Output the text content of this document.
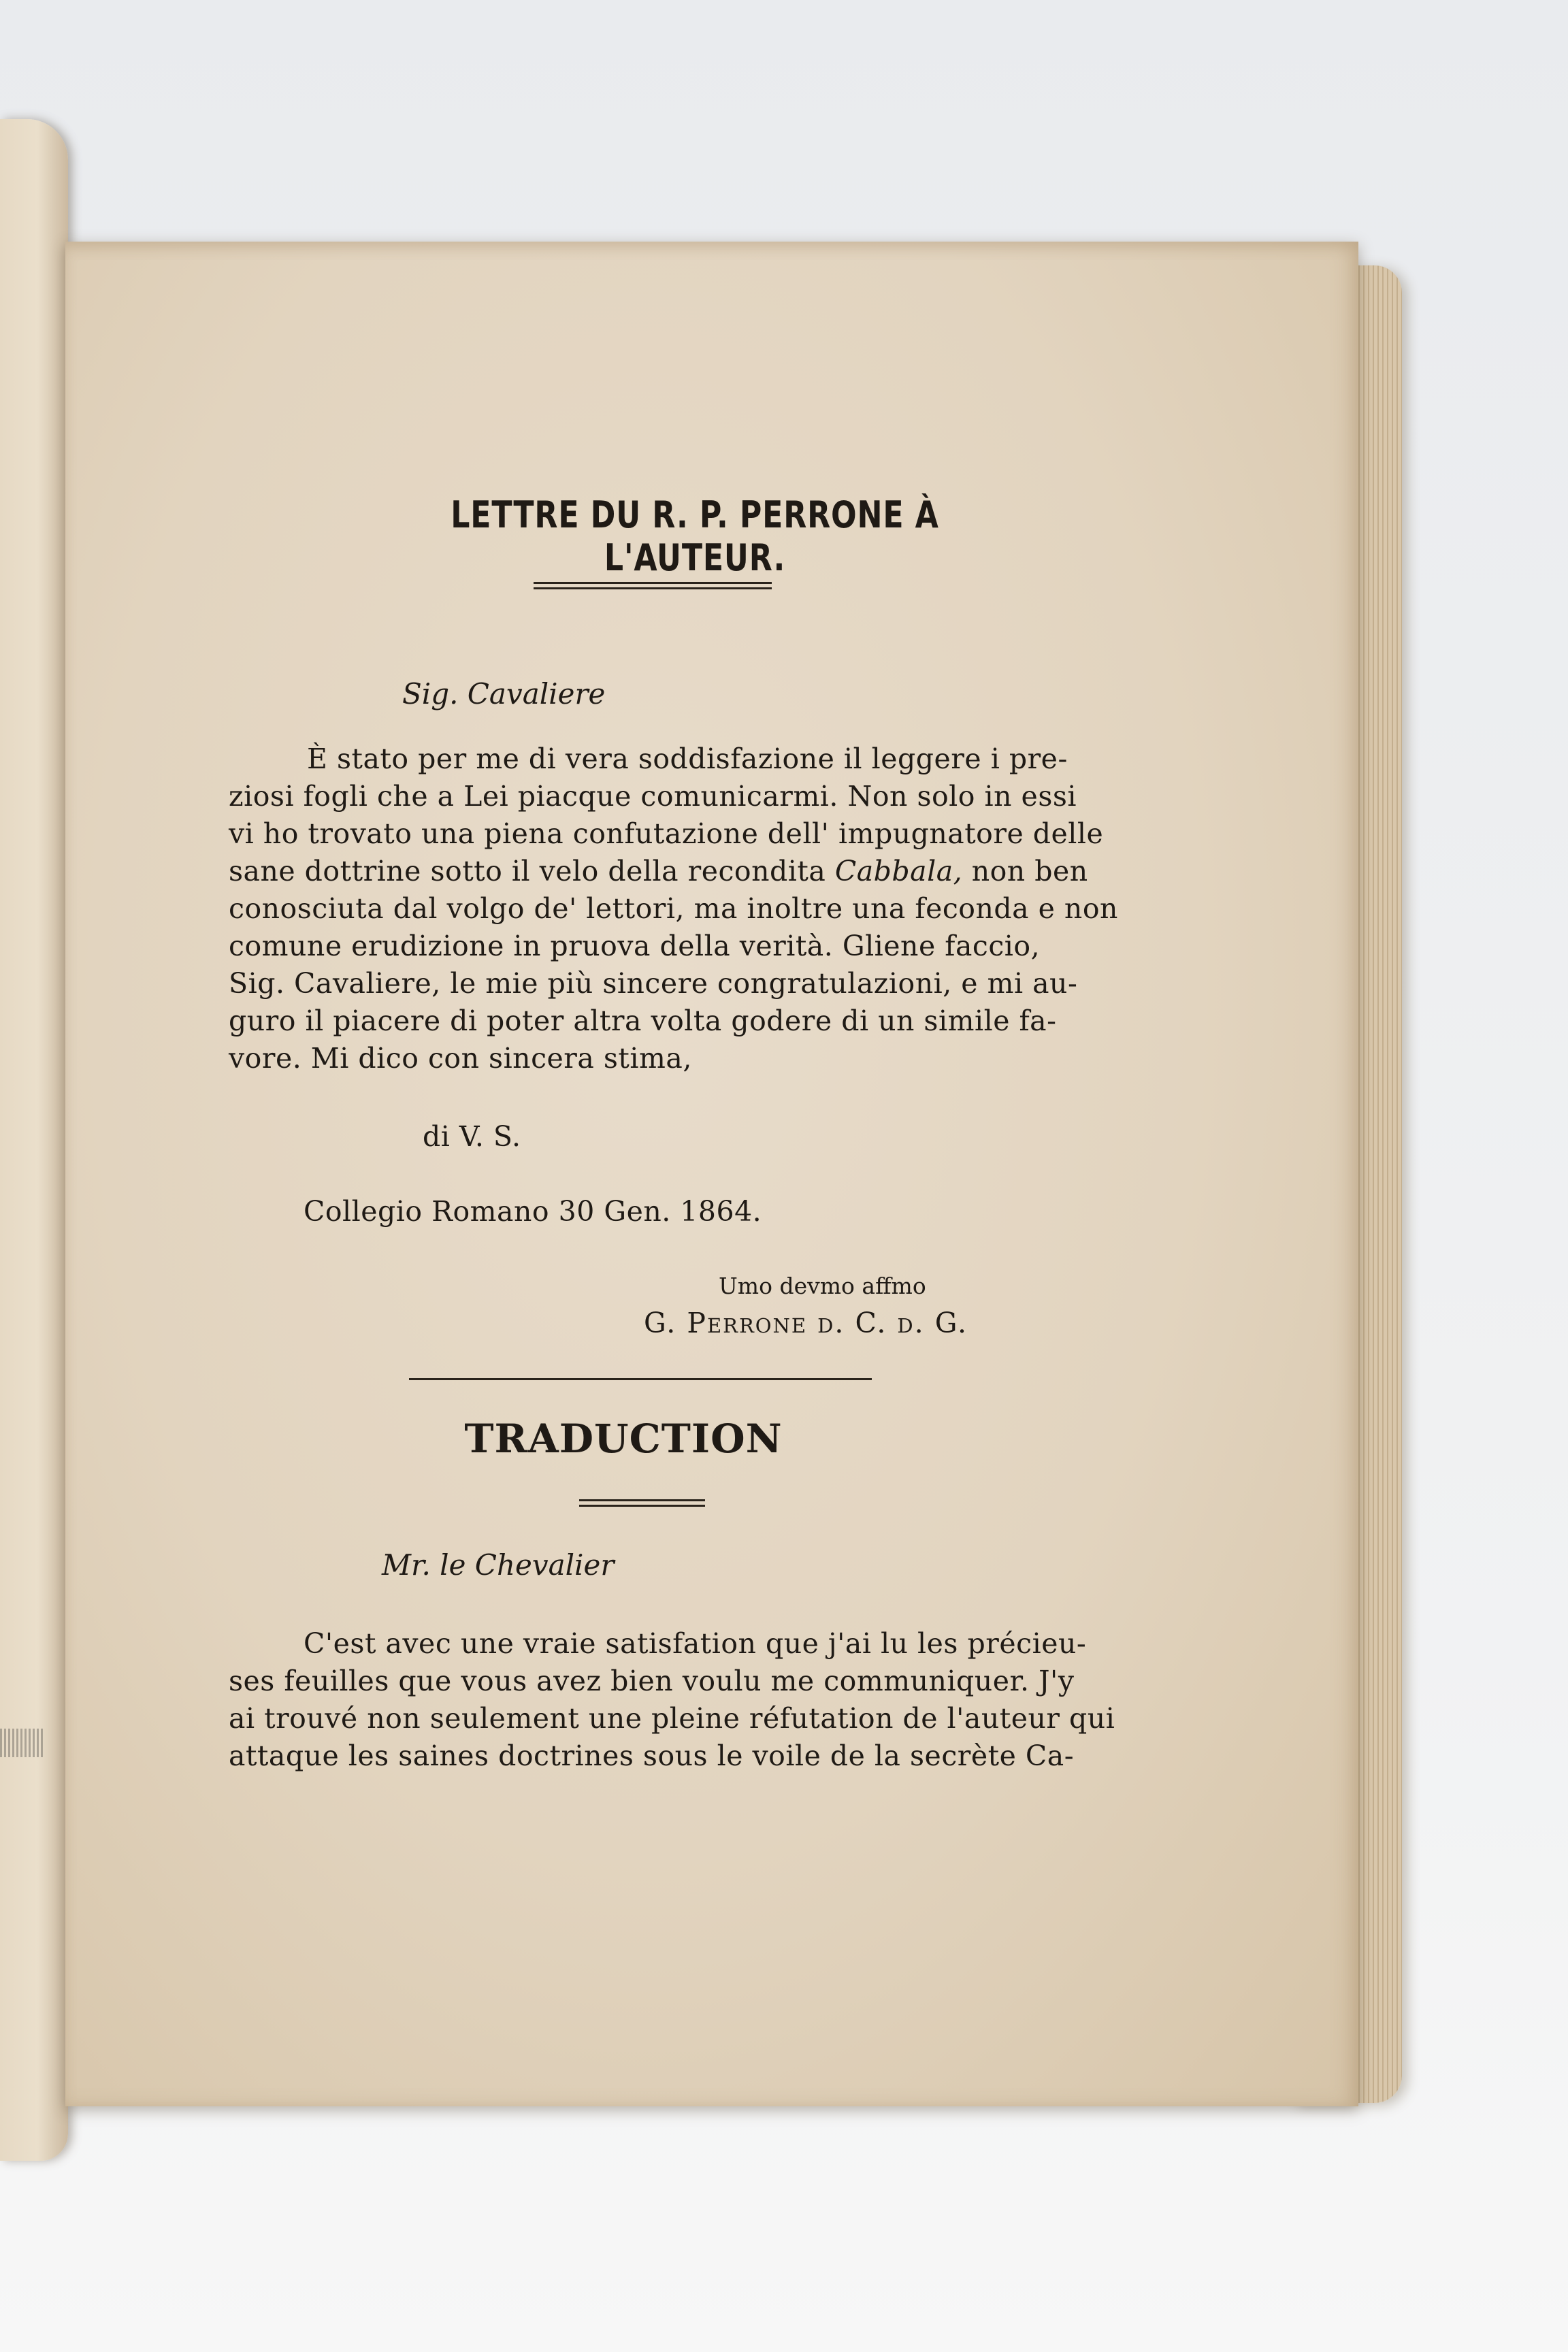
LETTRE DU R. P. PERRONE À L'AUTEUR.
Sig. Cavaliere
È stato per me di vera soddisfazione il leggere i pre-
ziosi fogli che a Lei piacque comunicarmi. Non solo in essi
vi ho trovato una piena confutazione dell' impugnatore delle
sane dottrine sotto il velo della recondita Cabbala, non ben
conosciuta dal volgo de' lettori, ma inoltre una feconda e non
comune erudizione in pruova della verità. Gliene faccio,
Sig. Cavaliere, le mie più sincere congratulazioni, e mi au-
guro il piacere di poter altra volta godere di un simile fa-
vore. Mi dico con sincera stima,
di V. S.
Collegio Romano 30 Gen. 1864.
Umo devmo affmo
G. Perrone d. C. d. G.
TRADUCTION
Mr. le Chevalier
C'est avec une vraie satisfation que j'ai lu les précieu-
ses feuilles que vous avez bien voulu me communiquer. J'y
ai trouvé non seulement une pleine réfutation de l'auteur qui
attaque les saines doctrines sous le voile de la secrète Ca-
